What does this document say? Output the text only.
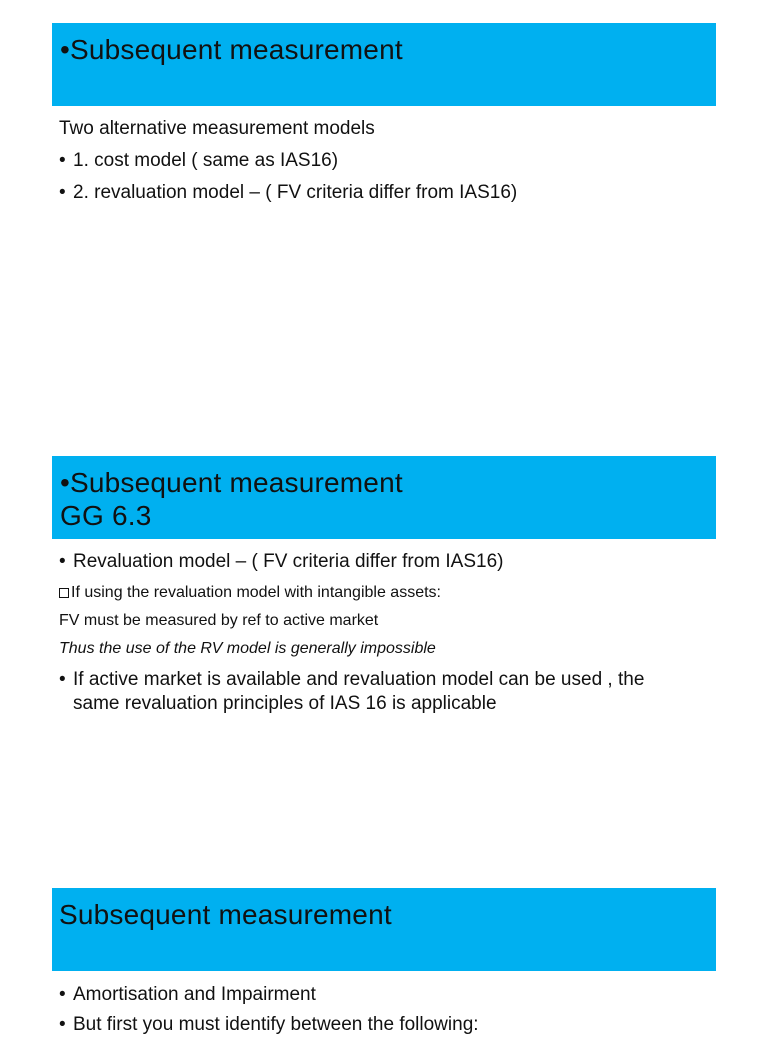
•Subsequent measurement
Two alternative measurement models
• 1. cost model ( same as IAS16)
• 2. revaluation model – ( FV criteria differ from IAS16)
•Subsequent measurement
GG 6.3
• Revaluation model – ( FV criteria differ from IAS16)
If using the revaluation model with intangible assets:
FV must be measured by ref to active market
Thus the use of the RV model is generally impossible
• If active market is available and revaluation model can be used , the
same revaluation principles of IAS 16 is applicable
Subsequent measurement
• Amortisation and Impairment
• But first you must identify between the following:
